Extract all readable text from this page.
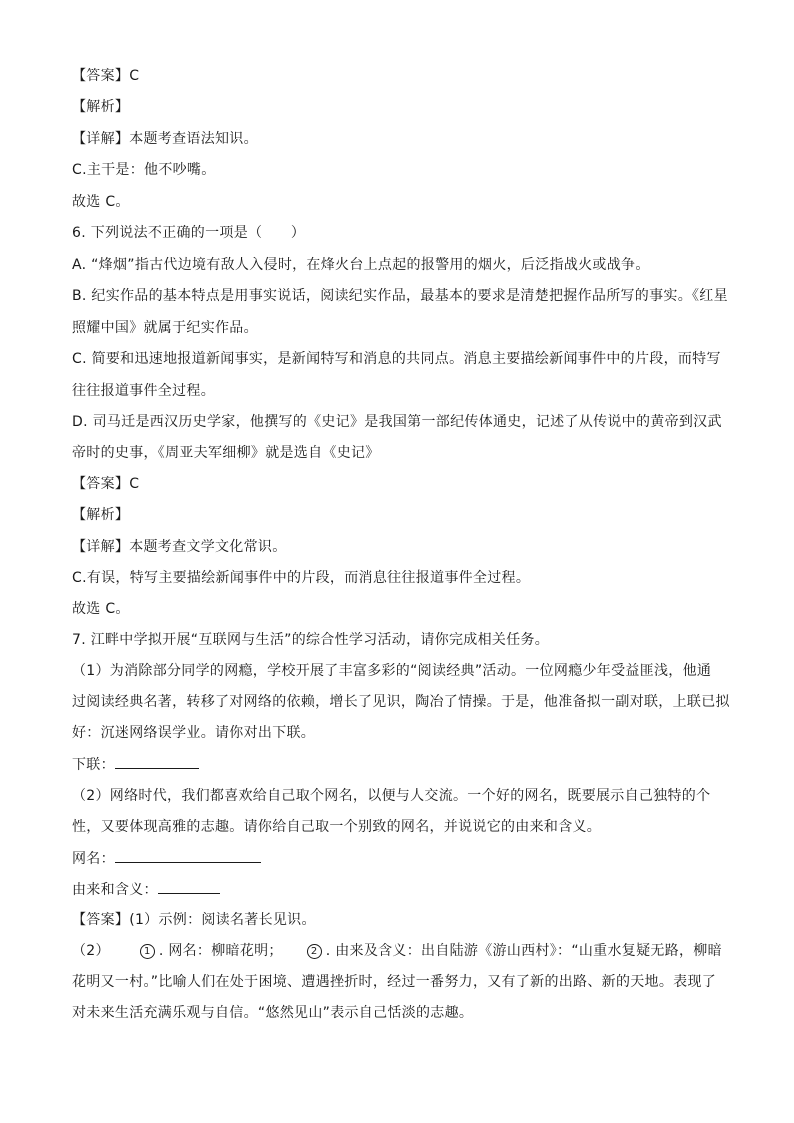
【答案】C
【解析】
【详解】本题考查语法知识。
C.主干是：他不吵嘴。
故选 C。
6. 下列说法不正确的一项是（　　）
A. “烽烟”指古代边境有敌人入侵时，在烽火台上点起的报警用的烟火，后泛指战火或战争。
B. 纪实作品的基本特点是用事实说话，阅读纪实作品，最基本的要求是清楚把握作品所写的事实。《红星
照耀中国》就属于纪实作品。
C. 简要和迅速地报道新闻事实，是新闻特写和消息的共同点。消息主要描绘新闻事件中的片段，而特写
往往报道事件全过程。
D. 司马迁是西汉历史学家，他撰写的《史记》是我国第一部纪传体通史，记述了从传说中的黄帝到汉武
帝时的史事，《周亚夫军细柳》就是选自《史记》
【答案】C
【解析】
【详解】本题考查文学文化常识。
C.有误，特写主要描绘新闻事件中的片段，而消息往往报道事件全过程。
故选 C。
7. 江畔中学拟开展“互联网与生活”的综合性学习活动，请你完成相关任务。
（1）为消除部分同学的网瘾，学校开展了丰富多彩的“阅读经典”活动。一位网瘾少年受益匪浅，他通
过阅读经典名著，转移了对网络的依赖，增长了见识，陶冶了情操。于是，他准备拟一副对联，上联已拟
好：沉迷网络误学业。请你对出下联。
下联：
（2）网络时代，我们都喜欢给自己取个网名，以便与人交流。一个好的网名，既要展示自己独特的个
性，又要体现高雅的志趣。请你给自己取一个别致的网名，并说说它的由来和含义。
网名：
由来和含义：
【答案】(1）示例：阅读名著长见识。
（2）	1 . 网名：柳暗花明；	2 . 由来及含义：出自陆游《游山西村》：“山重水复疑无路，柳暗
花明又一村。”比喻人们在处于困境、遭遇挫折时，经过一番努力，又有了新的出路、新的天地。表现了
对未来生活充满乐观与自信。“悠然见山”表示自己恬淡的志趣。
